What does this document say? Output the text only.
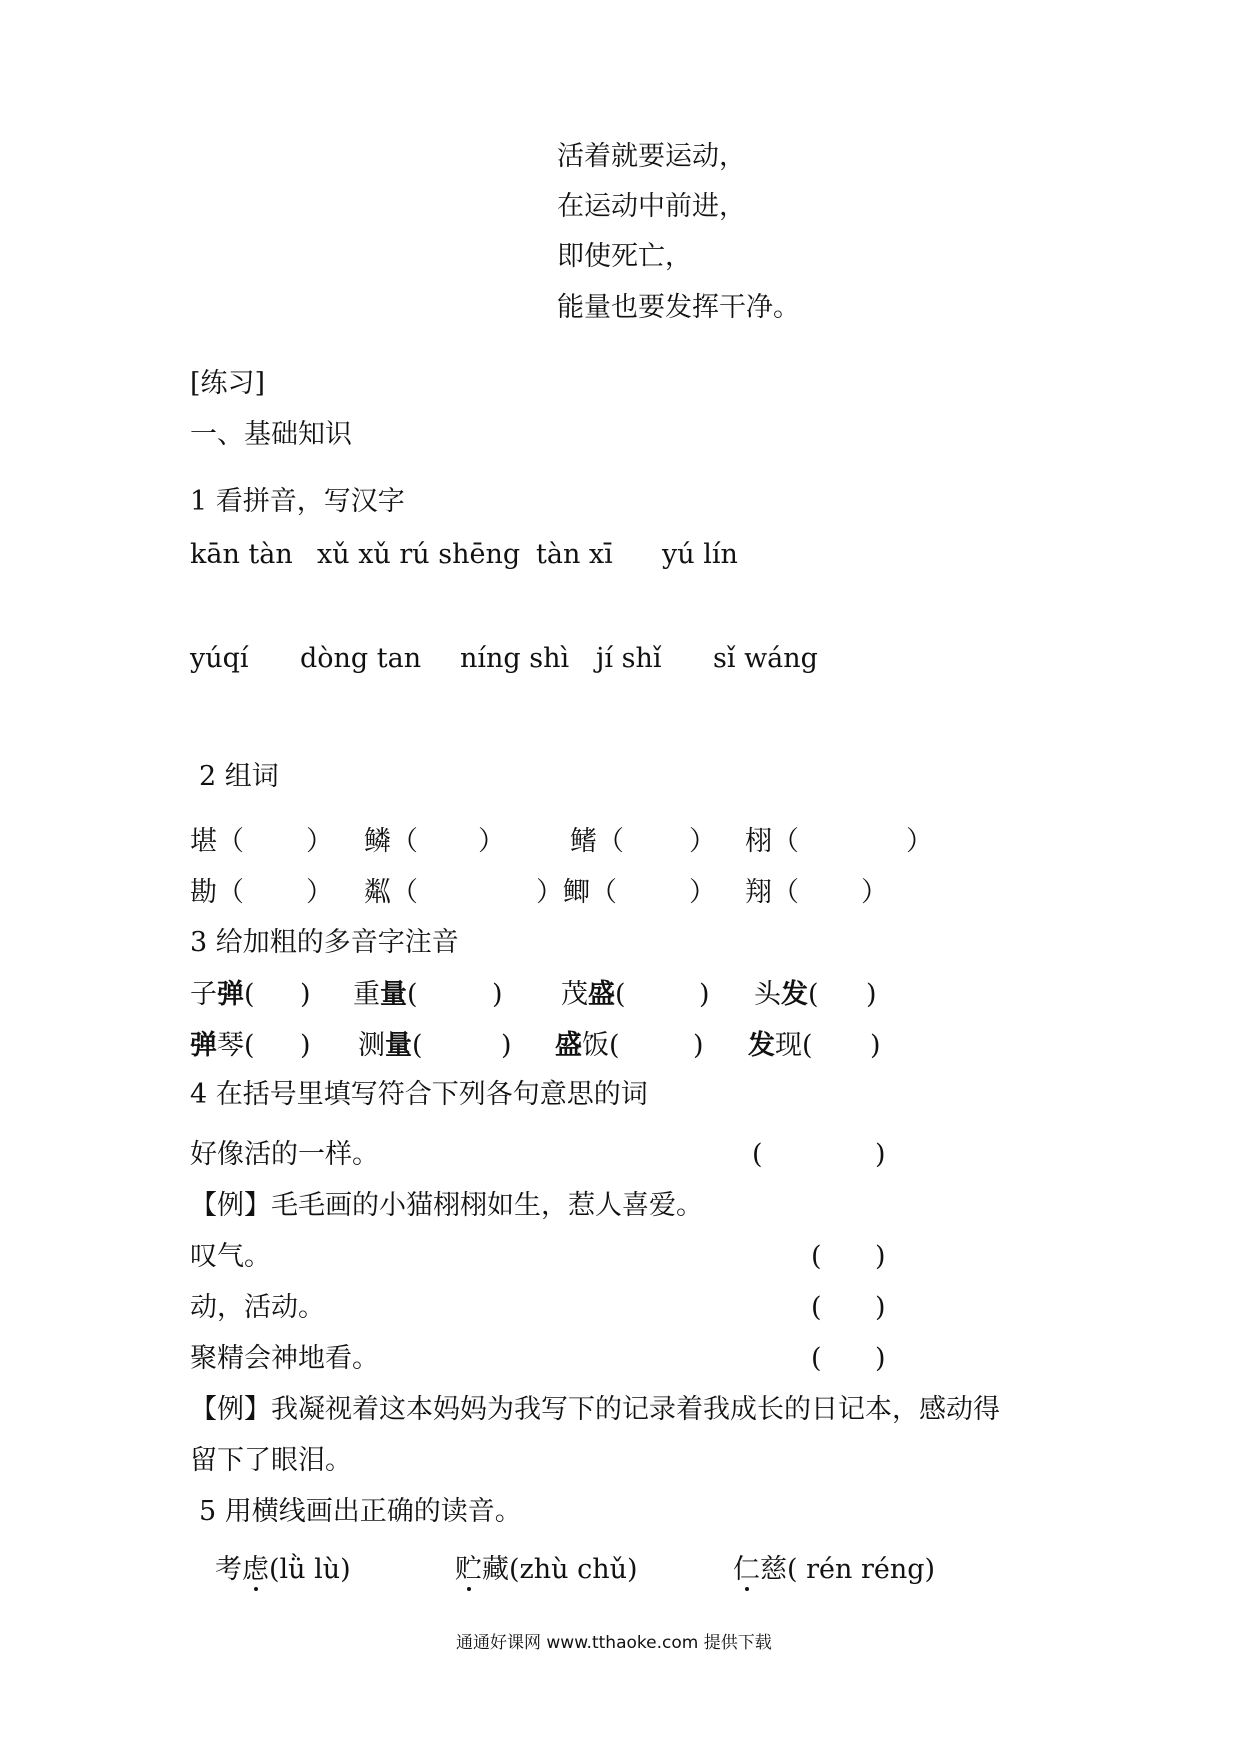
活着就要运动，
在运动中前进，
即使死亡，
能量也要发挥干净。
[练习]
一、基础知识
1 看拼音，写汉字
kān tàn xǔ xǔ rú shēng tàn xī yú lín
yúqí dòng tan níng shì jí shǐ sǐ wáng
2 组词
堪（ ） 鳞（ ） 鳍（ ） 栩（	）
勘（ ） 粼（	）鲫（	） 翔（ ）
3 给加粗的多音字注音
子弹( ) 重量(	) 茂盛(	) 头发( )
弹琴( ) 测量(	) 盛饭(	) 发现( )
4 在括号里填写符合下列各句意思的词
好像活的一样。	(	)
【例】毛毛画的小猫栩栩如生，惹人喜爱。
叹气。	( )
动，活动。	( )
聚精会神地看。	( )
【例】我凝视着这本妈妈为我写下的记录着我成长的日记本，感动得
留下了眼泪。
5 用横线画出正确的读音。
考虑(lǜ lù)	贮藏(zhù chǔ)	仁慈( rén réng)
通通好课网 www.tthaoke.com 提供下载
